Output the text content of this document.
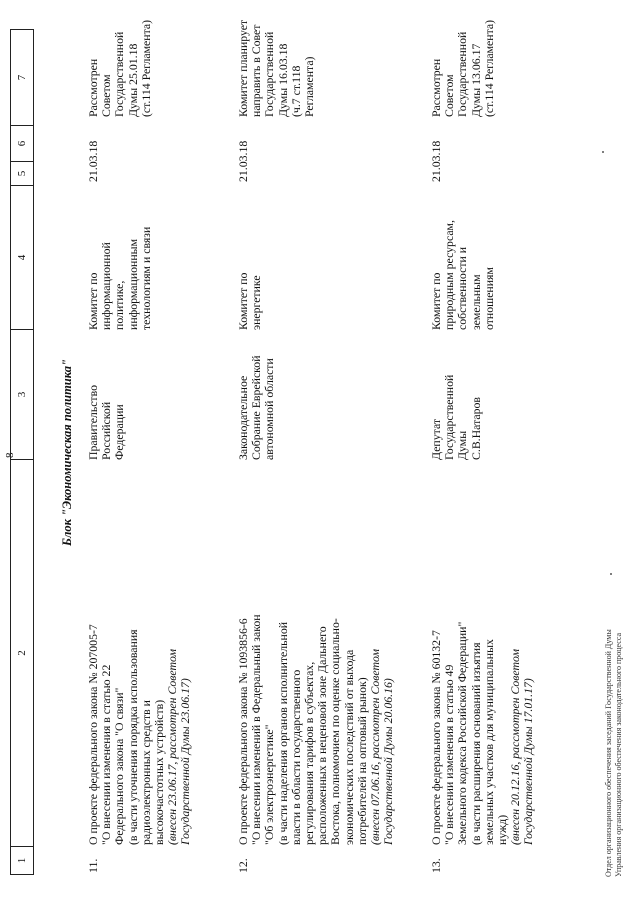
8
1
2
3
4
5
6
7
Блок "Экономическая политика"
11.
О проекте федерального закона № 207005-7 "О внесении изменения в статью 22 Федерального закона "О связи" (в части уточнения порядка использования радиоэлектронных средств и высокочастотных устройств) (внесен 23.06.17, рассмотрен Советом Государственной Думы 23.06.17)
Правительство Российской Федерации
Комитет по информационной политике, информационным технологиям и связи
21.03.18
Рассмотрен Советом Государственной Думы 25.01.18 (ст.114 Регламента)
12.
О проекте федерального закона № 1093856-6 "О внесении изменений в Федеральный закон "Об электроэнергетике" (в части наделения органов исполнительной власти в области государственного регулирования тарифов в субъектах, расположенных в неценовой зоне Дальнего Востока, полномочием по оценке социально- экономических последствий от выхода потребителей на оптовый рынок) (внесен 07.06.16, рассмотрен Советом Государственной Думы 20.06.16)
Законодательное Собрание Еврейской автономной области
Комитет по энергетике
21.03.18
Комитет планирует направить в Совет Государственной Думы 16.03.18 (ч.7 ст.118 Регламента)
13.
О проекте федерального закона № 60132-7 "О внесении изменения в статью 49 Земельного кодекса Российской Федерации" (в части расширения оснований изъятия земельных участков для муниципальных нужд) (внесен 20.12.16, рассмотрен Советом Государственной Думы 17.01.17)
Депутат Государственной Думы С.В.Натаров
Комитет по природным ресурсам, собственности и земельным отношениям
21.03.18
Рассмотрен Советом Государственной Думы 13.06.17 (ст.114 Регламента)
Отдел организационного обеспечения заседаний Государственной Думы Управления организационного обеспечения законодательного процесса
